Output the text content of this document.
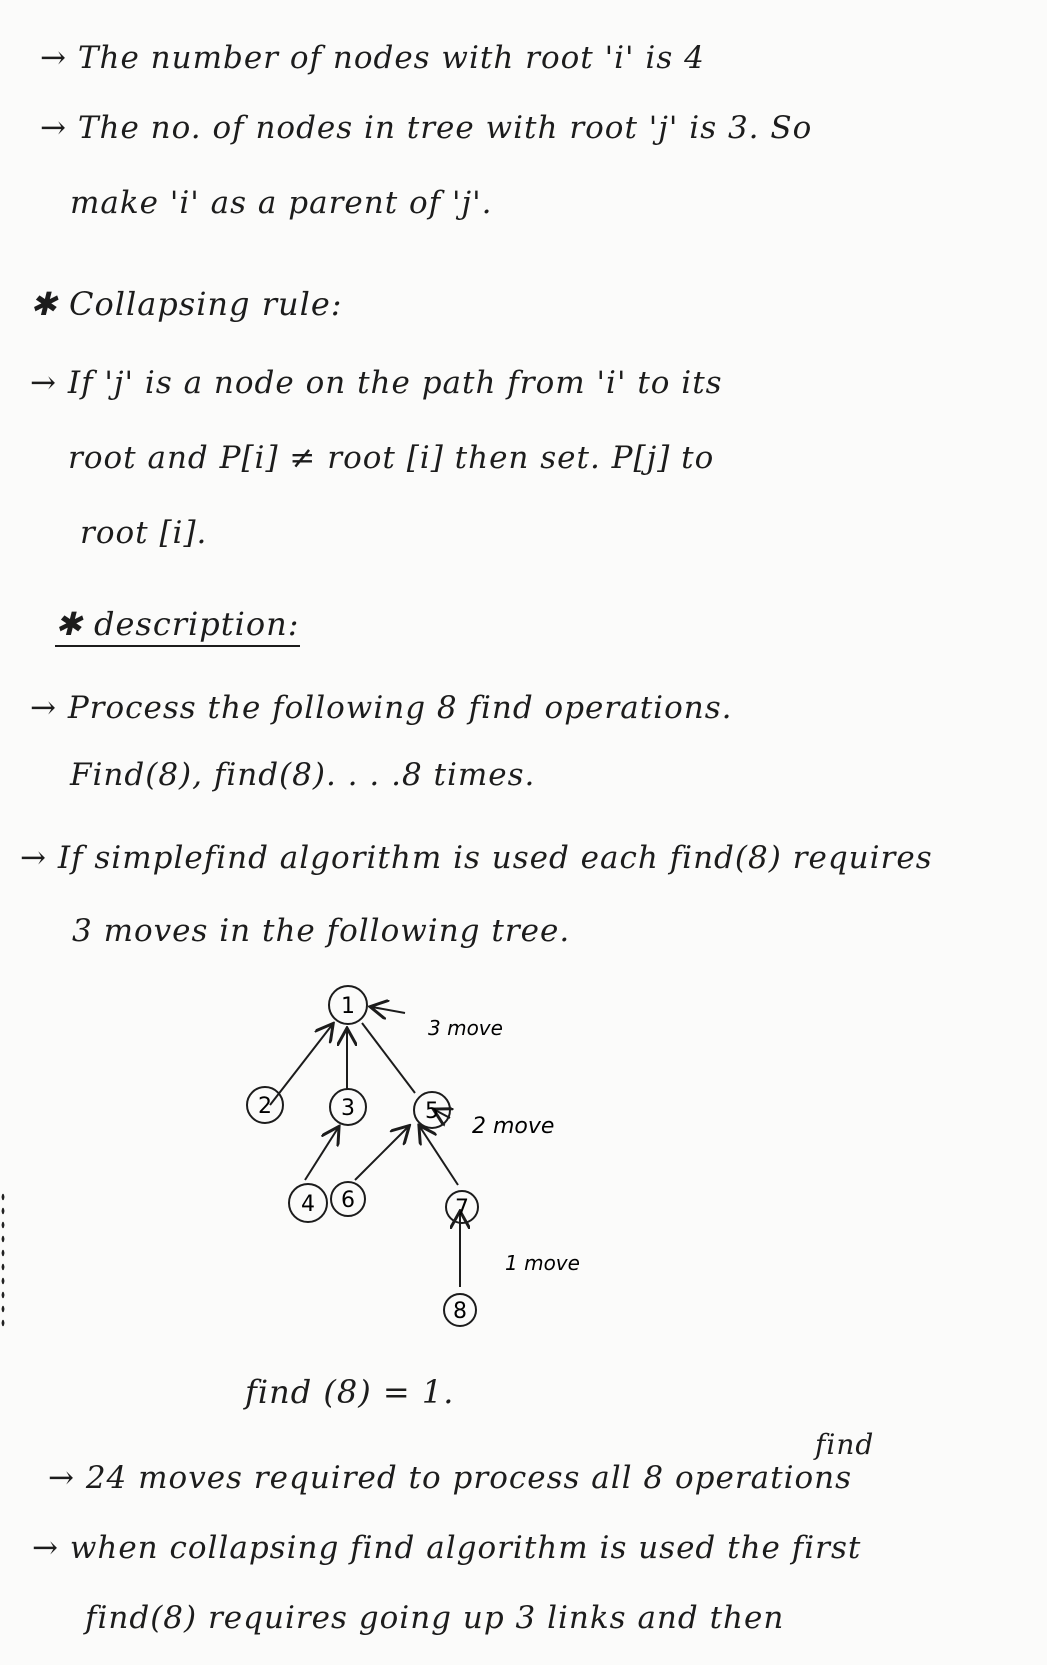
→ The number of nodes with root 'i' is 4
→ The no. of nodes in tree with root 'j' is 3. So
make 'i' as a parent of 'j'.
✱ Collapsing rule:
→ If 'j' is a node on the path from 'i' to its
root and P[i] ≠ root [i] then set. P[j] to
root [i].
✱ description:
→ Process the following 8 find operations.
Find(8), find(8). . . .8 times.
→ If simplefind algorithm is used each find(8) requires
3 moves in the following tree.
1
2	3	5
4 6	7
8
3 move
2 move
1 move
find (8) = 1.
find
→ 24 moves required to process all 8 operations
→ when collapsing find algorithm is used the first
find(8) requires going up 3 links and then
